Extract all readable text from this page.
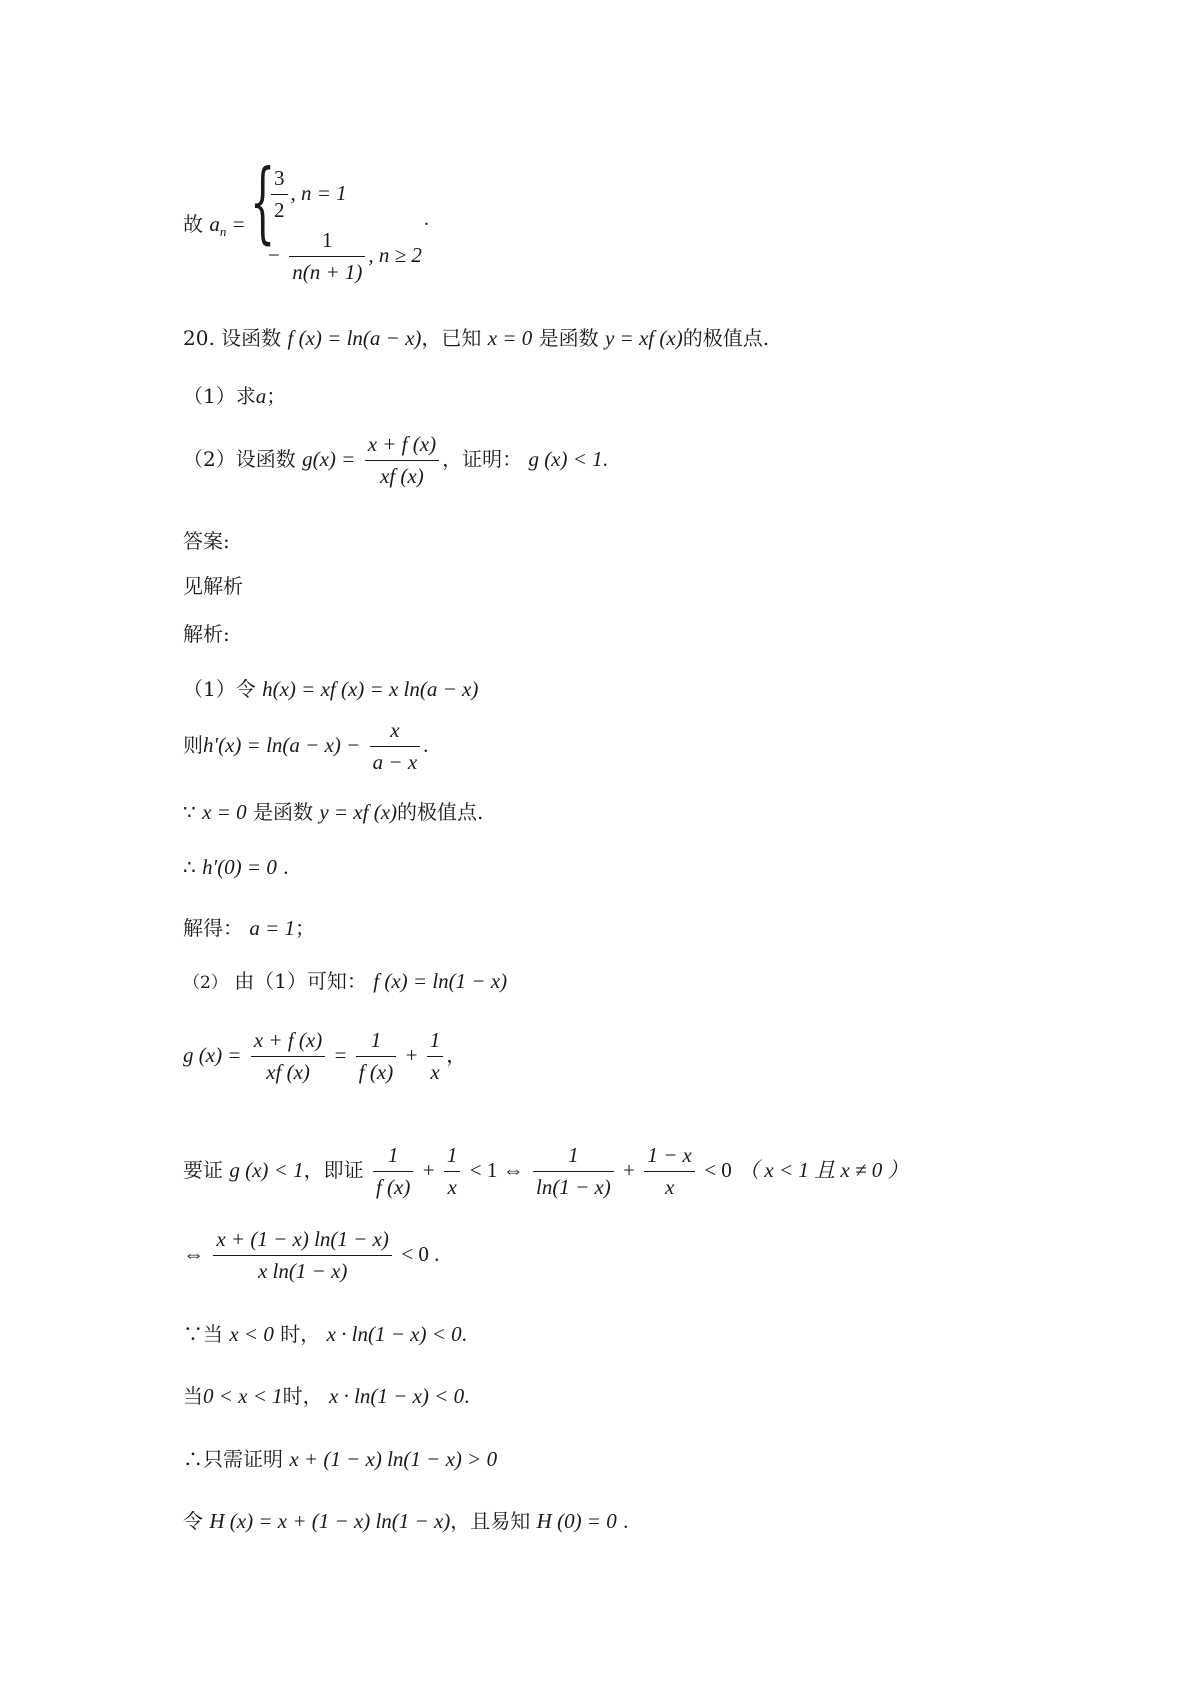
故 $a_n$ = {
$\frac{3}{2}$ , n = 1
− $\frac{1}{n(n + 1)}$ , n ≥ 2
.
20. 设函数 f (x) = ln(a − x)，已知 x = 0 是函数 y = xf (x)的极值点.
（1）求a；
（2）设函数 $g(x) = \frac{x + f (x)}{xf (x)}$ ，证明： g (x) < 1.
答案:
见解析
解析:
（1）令 h(x) = xf (x) = x ln(a − x)
则$h'(x) = \ln(a - x) - \frac{x}{a - x}$ .
∵ x = 0 是函数 y = xf (x)的极值点.
∴ h′(0) = 0 .
解得： a = 1；
（2） 由（1）可知： f (x) = ln(1 − x)
g $(x) = \frac{x + f (x)}{xf (x)} = \frac{1}{f (x)} + \frac{1}{x}$ ，
要证 g (x) < 1，即证 $\frac{1}{f (x)} + \frac{1}{x} < 1$ ⇔ $\frac{1}{\ln(1 - x)} + \frac{1 - x}{x} < 0$ （ x < 1 且 x ≠ 0 ）
⇔ $\frac{x + (1 - x) \ln(1 - x)}{\text{x ln(1 − x)}} < 0$ .
∵当 x < 0 时， x · ln(1 − x) < 0.
当0 < x < 1时， x · ln(1 − x) < 0.
∴只需证明 x + (1 − x) ln(1 − x) > 0
令 H (x) = x + (1 − x) ln(1 − x)，且易知 H (0) = 0 .
